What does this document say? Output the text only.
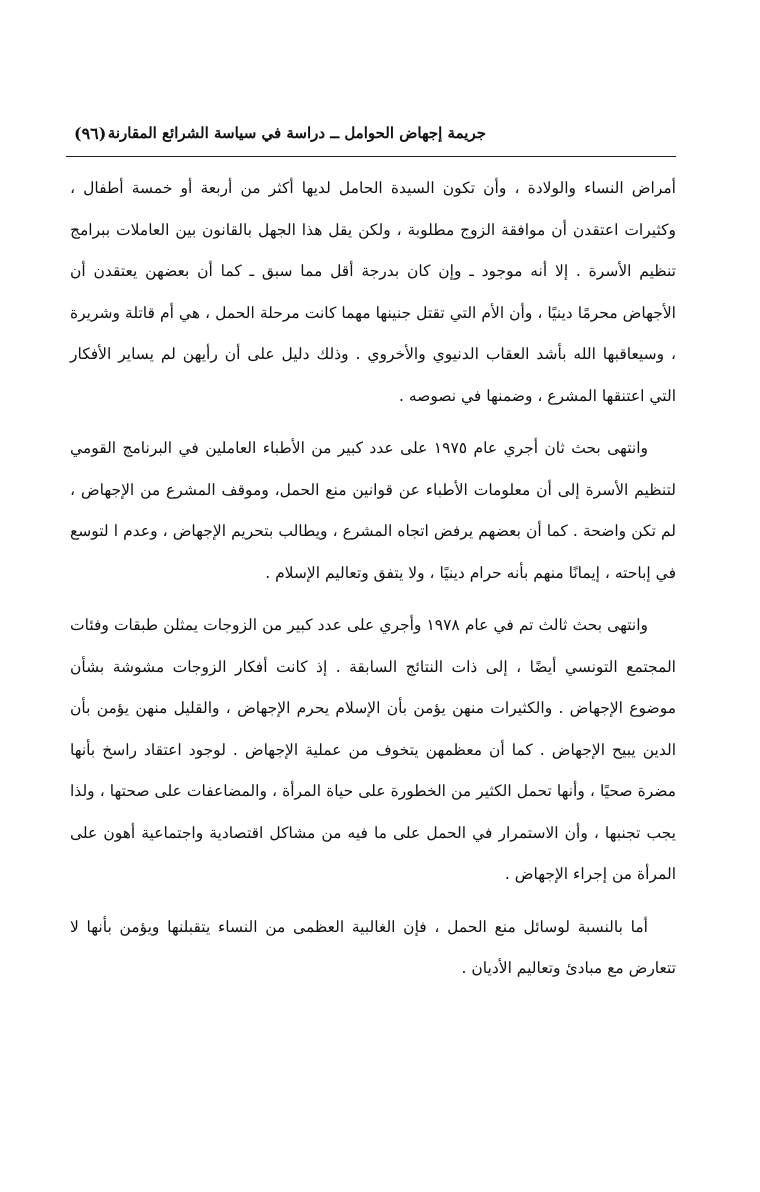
جريمة إجهاض الحوامل ــ دراسة في سياسة الشرائع المقارنة
(٩٦)

أمراض النساء والولادة ، وأن تكون السيدة الحامل لديها أكثر من أربعة أو خمسة أطفال ، وكثيرات اعتقدن أن موافقة الزوج مطلوبة ، ولكن يقل هذا الجهل بالقانون بين العاملات ببرامج تنظيم الأسرة . إلا أنه موجود ـ وإن كان بدرجة أقل مما سبق ـ كما أن بعضهن يعتقدن أن الأجهاض محرمًا دينيًا ، وأن الأم التي تقتل جنينها مهما كانت مرحلة الحمل ، هي أم قاتلة وشريرة ، وسيعاقبها الله بأشد العقاب الدنيوي والأخروي . وذلك دليل على أن رأيهن لم يساير الأفكار التي اعتنقها المشرع ، وضمنها في نصوصه .

وانتهى بحث ثان أجري عام ١٩٧٥ على عدد كبير من الأطباء العاملين في البرنامج القومي لتنظيم الأسرة إلى أن معلومات الأطباء عن قوانين منع الحمل، وموقف المشرع من الإجهاض ، لم تكن واضحة . كما أن بعضهم يرفض اتجاه المشرع ، ويطالب بتحريم الإجهاض ، وعدم ا لتوسع في إباحته ، إيمانًا منهم بأنه حرام دينيًا ، ولا يتفق وتعاليم الإسلام .

وانتهى بحث ثالث تم في عام ١٩٧٨ وأجري على عدد كبير من الزوجات يمثلن طبقات وفئات المجتمع التونسي أيضًا ، إلى ذات النتائج السابقة . إذ كانت أفكار الزوجات مشوشة بشأن موضوع الإجهاض . والكثيرات منهن يؤمن بأن الإسلام يحرم الإجهاض ، والقليل منهن يؤمن بأن الدين يبيح الإجهاض . كما أن معظمهن يتخوف من عملية الإجهاض . لوجود اعتقاد راسخ بأنها مضرة صحيًا ، وأنها تحمل الكثير من الخطورة على حياة المرأة ، والمضاعفات على صحتها ، ولذا يجب تجنبها ، وأن الاستمرار في الحمل على ما فيه من مشاكل اقتصادية واجتماعية أهون على المرأة من إجراء الإجهاض .

أما بالنسبة لوسائل منع الحمل ، فإن الغالبية العظمى من النساء يتقبلنها ويؤمن بأنها لا تتعارض مع مبادئ وتعاليم الأديان .
